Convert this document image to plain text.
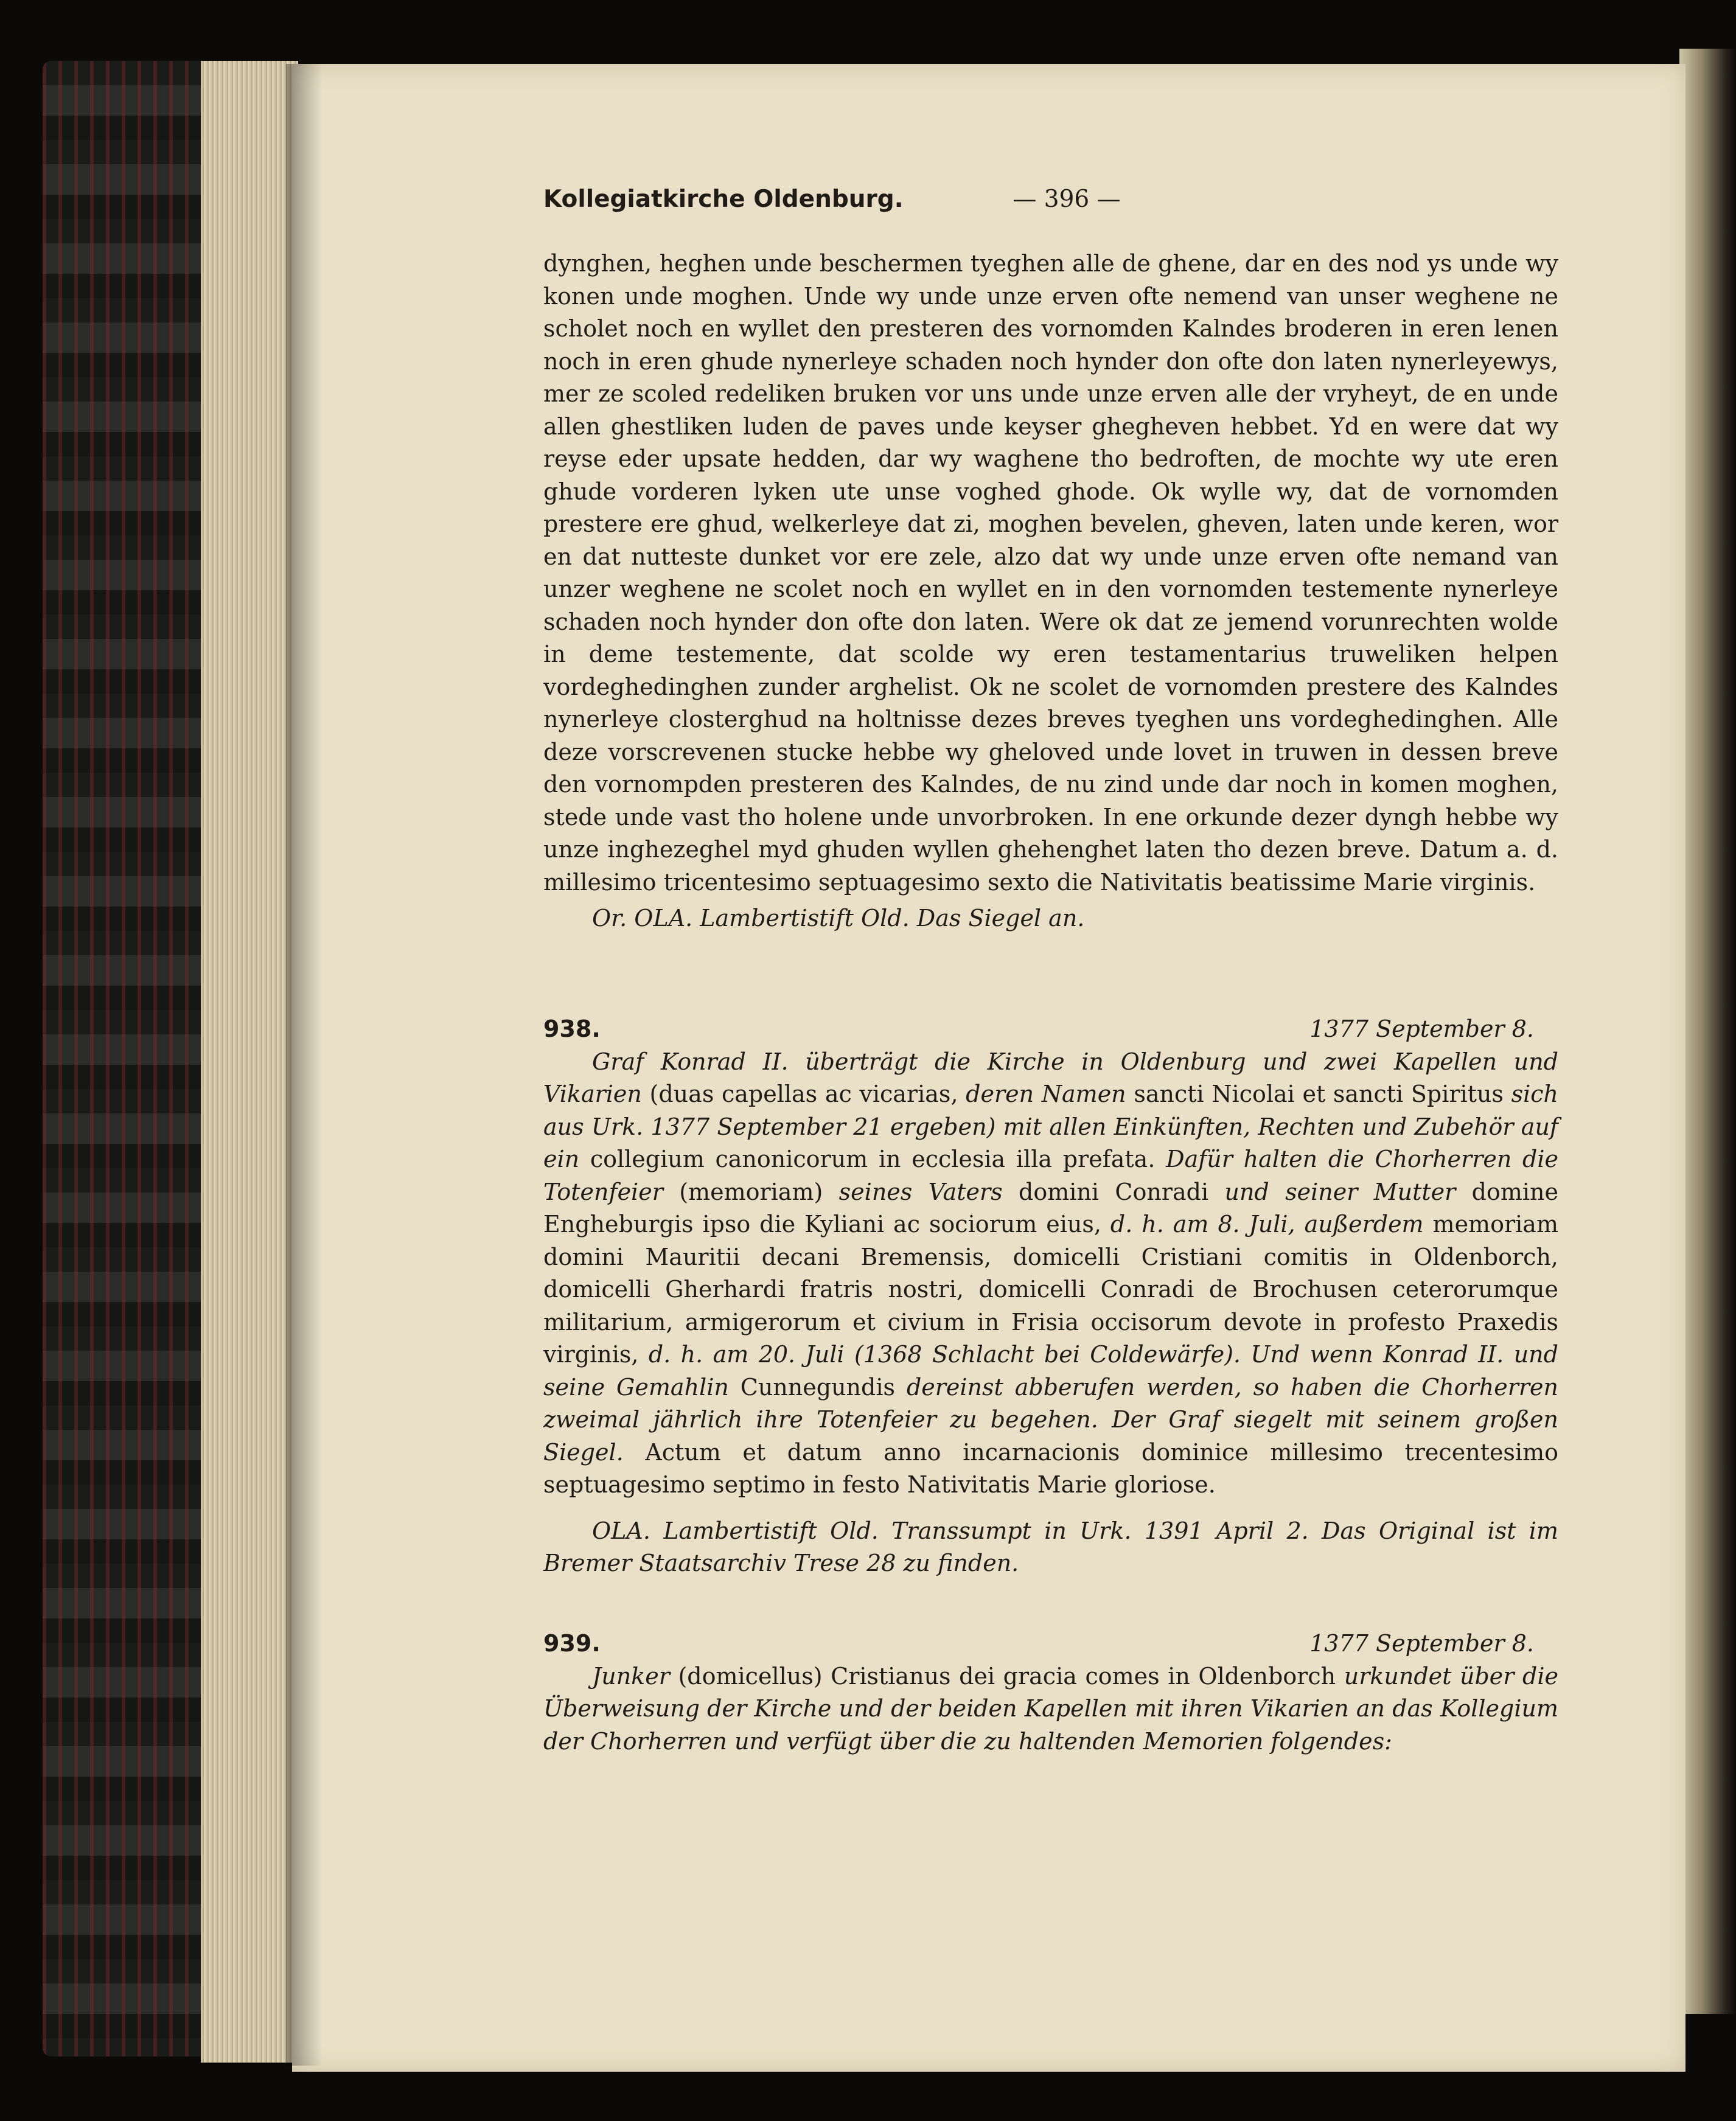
Kollegiatkirche Oldenburg.	— 396 —

dynghen, heghen unde beschermen tyeghen alle de ghene, dar en des nod ys unde wy konen unde moghen. Unde wy unde unze erven ofte nemend van unser weghene ne scholet noch en wyllet den presteren des vornomden Kalndes broderen in eren lenen noch in eren ghude nynerleye schaden noch hynder don ofte don laten nynerleyewys, mer ze scoled redeliken bruken vor uns unde unze erven alle der vryheyt, de en unde allen ghestliken luden de paves unde keyser ghegheven hebbet. Yd en were dat wy reyse eder upsate hedden, dar wy waghene tho bedroften, de mochte wy ute eren ghude vorderen lyken ute unse voghed ghode. Ok wylle wy, dat de vornomden prestere ere ghud, welkerleye dat zi, moghen bevelen, gheven, laten unde keren, wor en dat nutteste dunket vor ere zele, alzo dat wy unde unze erven ofte nemand van unzer weghene ne scolet noch en wyllet en in den vornomden testemente nynerleye schaden noch hynder don ofte don laten. Were ok dat ze jemend vorunrechten wolde in deme testemente, dat scolde wy eren testamentarius truweliken helpen vordeghedinghen zunder arghelist. Ok ne scolet de vornomden prestere des Kalndes nynerleye closterghud na holtnisse dezes breves tyeghen uns vordeghedinghen. Alle deze vorscrevenen stucke hebbe wy gheloved unde lovet in truwen in dessen breve den vornompden presteren des Kalndes, de nu zind unde dar noch in komen moghen, stede unde vast tho holene unde unvorbroken. In ene orkunde dezer dyngh hebbe wy unze inghezeghel myd ghuden wyllen ghehenghet laten tho dezen breve. Datum a. d. millesimo tricentesimo septuagesimo sexto die Nativitatis beatissime Marie virginis.

Or. OLA. Lambertistift Old. Das Siegel an.

938.	1377 September 8.

Graf Konrad II. überträgt die Kirche in Oldenburg und zwei Kapellen und Vikarien (duas capellas ac vicarias, deren Namen sancti Nicolai et sancti Spiritus sich aus Urk. 1377 September 21 ergeben) mit allen Einkünften, Rechten und Zubehör auf ein collegium canonicorum in ecclesia illa prefata. Dafür halten die Chorherren die Totenfeier (memoriam) seines Vaters domini Conradi und seiner Mutter domine Engheburgis ipso die Kyliani ac sociorum eius, d. h. am 8. Juli, außerdem memoriam domini Mauritii decani Bremensis, domicelli Cristiani comitis in Oldenborch, domicelli Gherhardi fratris nostri, domicelli Conradi de Brochusen ceterorumque militarium, armigerorum et civium in Frisia occisorum devote in profesto Praxedis virginis, d. h. am 20. Juli (1368 Schlacht bei Coldewärfe). Und wenn Konrad II. und seine Gemahlin Cunnegundis dereinst abberufen werden, so haben die Chorherren zweimal jährlich ihre Totenfeier zu begehen. Der Graf siegelt mit seinem großen Siegel. Actum et datum anno incarnacionis dominice millesimo trecentesimo septuagesimo septimo in festo Nativitatis Marie gloriose.

OLA. Lambertistift Old. Transsumpt in Urk. 1391 April 2. Das Original ist im Bremer Staatsarchiv Trese 28 zu finden.

939.	1377 September 8.

Junker (domicellus) Cristianus dei gracia comes in Oldenborch urkundet über die Überweisung der Kirche und der beiden Kapellen mit ihren Vikarien an das Kollegium der Chorherren und verfügt über die zu haltenden Memorien folgendes:
